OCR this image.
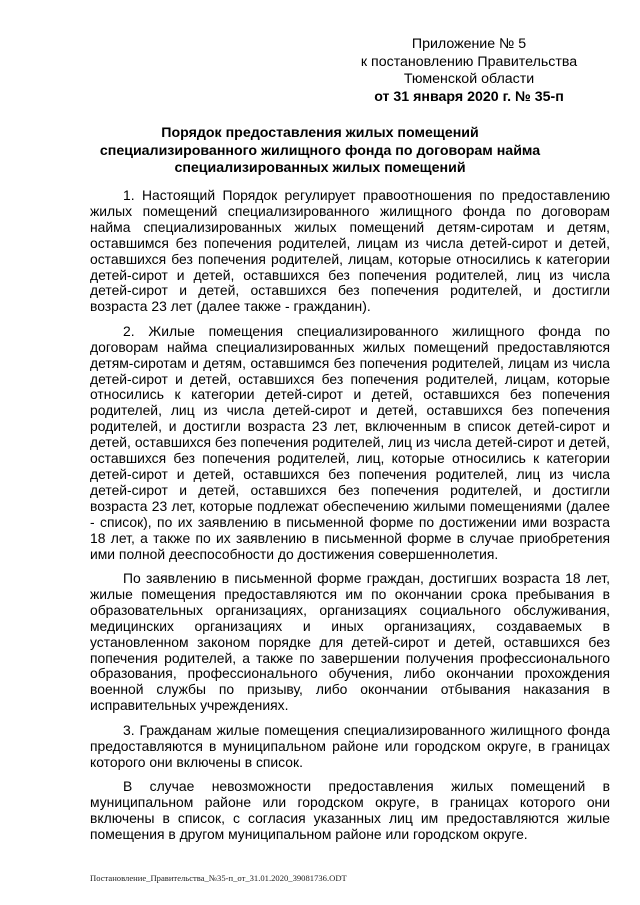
Приложение № 5
к постановлению Правительства
Тюменской области

от 31 января 2020 г. № 35-п
Порядок предоставления жилых помещений специализированного жилищного фонда по договорам найма специализированных жилых помещений

1. Настоящий Порядок регулирует правоотношения по предоставлению жилых помещений специализированного жилищного фонда по договорам найма специализированных жилых помещений детям-сиротам и детям, оставшимся без попечения родителей, лицам из числа детей-сирот и детей, оставшихся без попечения родителей, лицам, которые относились к категории детей-сирот и детей, оставшихся без попечения родителей, лиц из числа детей-сирот и детей, оставшихся без попечения родителей, и достигли возраста 23 лет (далее также - гражданин).

2. Жилые помещения специализированного жилищного фонда по договорам найма специализированных жилых помещений предоставляются детям-сиротам и детям, оставшимся без попечения родителей, лицам из числа детей-сирот и детей, оставшихся без попечения родителей, лицам, которые относились к категории детей-сирот и детей, оставшихся без попечения родителей, лиц из числа детей-сирот и детей, оставшихся без попечения родителей, и достигли возраста 23 лет, включенным в список детей-сирот и детей, оставшихся без попечения родителей, лиц из числа детей-сирот и детей, оставшихся без попечения родителей, лиц, которые относились к категории детей-сирот и детей, оставшихся без попечения родителей, лиц из числа детей-сирот и детей, оставшихся без попечения родителей, и достигли возраста 23 лет, которые подлежат обеспечению жилыми помещениями (далее - список), по их заявлению в письменной форме по достижении ими возраста 18 лет, а также по их заявлению в письменной форме в случае приобретения ими полной дееспособности до достижения совершеннолетия.

По заявлению в письменной форме граждан, достигших возраста 18 лет, жилые помещения предоставляются им по окончании срока пребывания в образовательных организациях, организациях социального обслуживания, медицинских организациях и иных организациях, создаваемых в установленном законом порядке для детей-сирот и детей, оставшихся без попечения родителей, а также по завершении получения профессионального образования, профессионального обучения, либо окончании прохождения военной службы по призыву, либо окончании отбывания наказания в исправительных учреждениях.

3. Гражданам жилые помещения специализированного жилищного фонда предоставляются в муниципальном районе или городском округе, в границах которого они включены в список.

В случае невозможности предоставления жилых помещений в муниципальном районе или городском округе, в границах которого они включены в список, с согласия указанных лиц им предоставляются жилые помещения в другом муниципальном районе или городском округе.

Постановление_Правительства_№35-п_от_31.01.2020_39081736.ODT
